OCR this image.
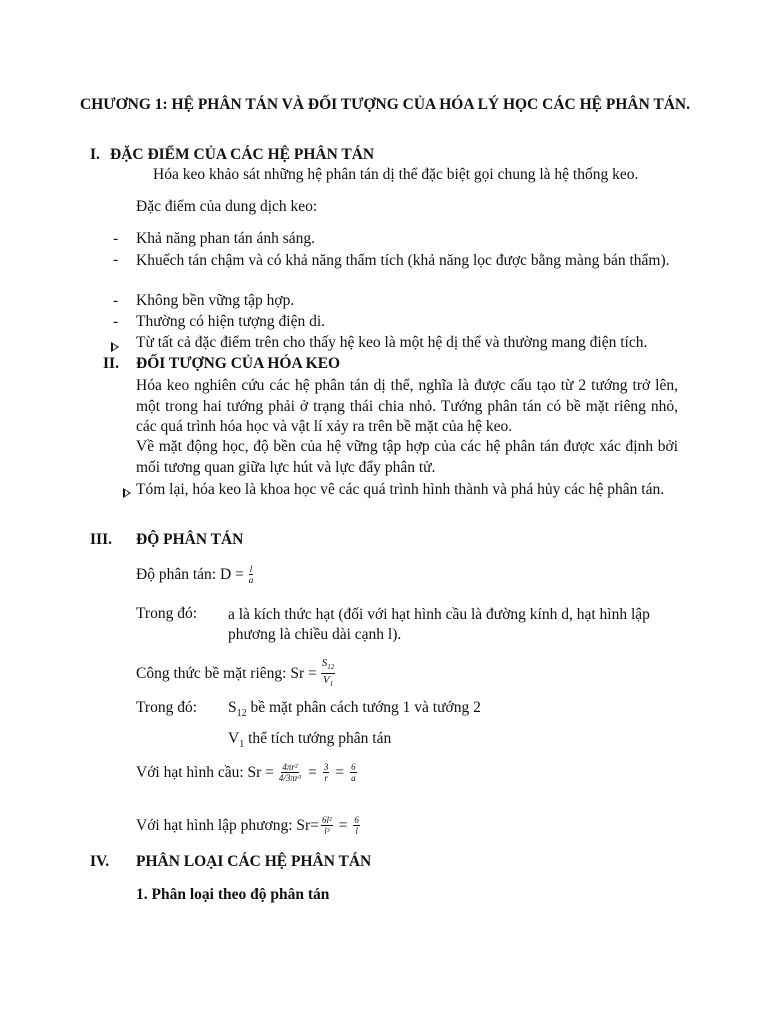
CHƯƠNG 1: HỆ PHÂN TÁN VÀ ĐỐI TƯỢNG CỦA HÓA LÝ HỌC CÁC HỆ PHÂN TÁN.
I. ĐẶC ĐIỂM CỦA CÁC HỆ PHÂN TÁN
Hóa keo khảo sát những hệ phân tán dị thể đặc biệt gọi chung là hệ thống keo.
Đặc điểm của dung dịch keo:
- Khả năng phan tán ánh sáng.
- Khuếch tán chậm và có khả năng thẩm tích (khả năng lọc được bằng màng bán thẩm).
- Không bền vững tập hợp.
- Thường có hiện tượng điện di.

Từ tất cả đặc điểm trên cho thấy hệ keo là một hệ dị thể và thường mang điện tích.
II. ĐỐI TƯỢNG CỦA HÓA KEO
Hóa keo nghiên cứu các hệ phân tán dị thể, nghĩa là được cấu tạo từ 2 tướng trở lên, một trong hai tướng phải ở trạng thái chia nhỏ. Tướng phân tán có bề mặt riêng nhỏ, các quá trình hóa học và vật lí xảy ra trên bề mặt của hệ keo.
Về mặt động học, độ bền của hệ vững tập hợp của các hệ phân tán được xác định bởi mối tương quan giữa lực hút và lực đẩy phân tử.
Tóm lại, hóa keo là khoa học vê các quá trình hình thành và phá hủy các hệ phân tán.
III. ĐỘ PHÂN TÁN
Độ phân tán: $D = \frac{l}{a}$
Trong đó: a là kích thức hạt (đối với hạt hình cầu là đường kính d, hạt hình lập phương là chiều dài cạnh l).
Công thức bề mặt riêng: $Sr = \frac{S_{12}}{V_1}$
Trong đó: $S_{12}$ bề mặt phân cách tướng 1 và tướng 2
$V_1$ thể tích tướng phân tán
Với hạt hình cầu: $Sr = \frac{\text{4πr²}}{\text{4/3πr³}} = \frac{3}{r} = \frac{6}{a}$
Với hạt hình lập phương: $Sr= \frac{\text{6l²}}{\text{l³}} = \frac{6}{l}$
IV. PHÂN LOẠI CÁC HỆ PHÂN TÁN
1. Phân loại theo độ phân tán
